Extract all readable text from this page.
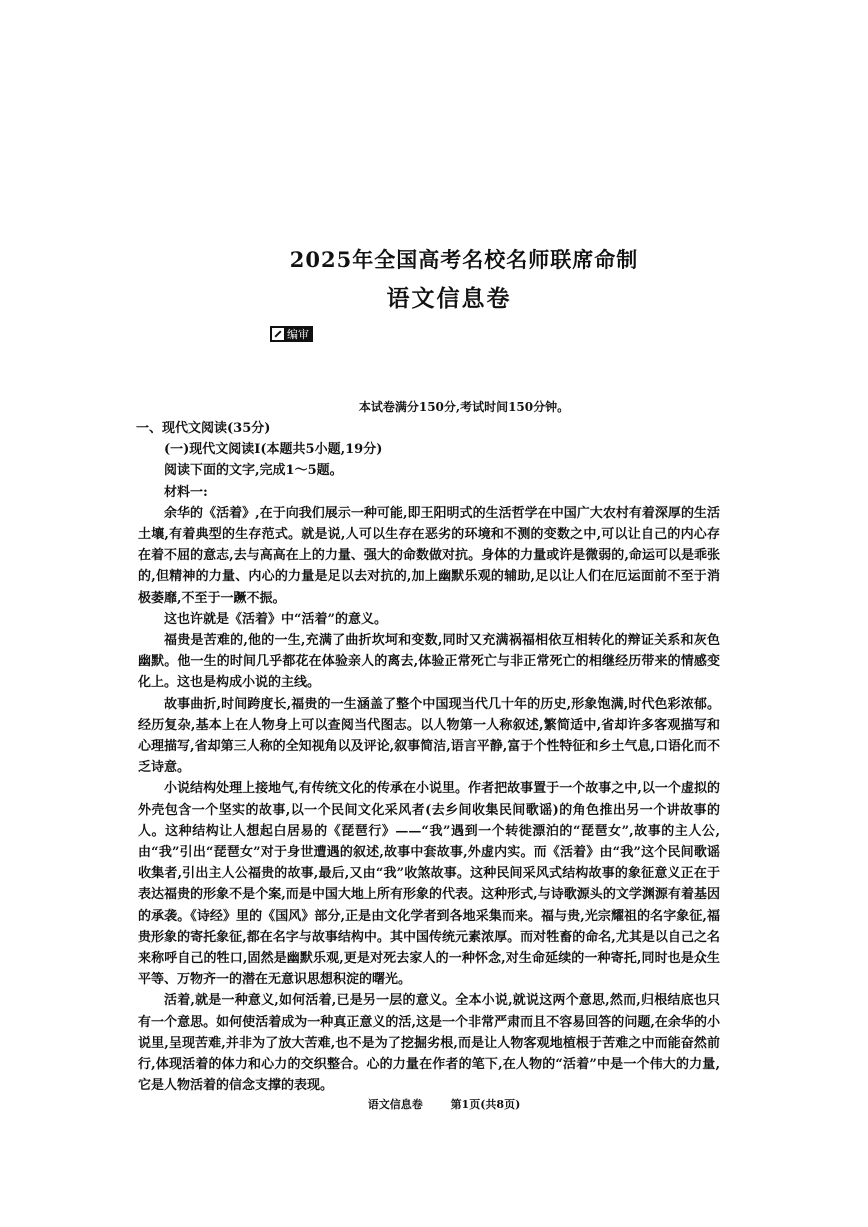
2025年全国高考名校名师联席命制
语文信息卷
编审
本试卷满分150分,考试时间150分钟。
一、现代文阅读(35分)
(一)现代文阅读Ⅰ(本题共5小题,19分)
阅读下面的文字,完成1～5题。
材料一:

余华的《活着》,在于向我们展示一种可能,即王阳明式的生活哲学在中国广大农村有着深厚的生活土壤,有着典型的生存范式。就是说,人可以生存在恶劣的环境和不测的变数之中,可以让自己的内心存在着不屈的意志,去与高高在上的力量、强大的命数做对抗。身体的力量或许是微弱的,命运可以是乖张的,但精神的力量、内心的力量是足以去对抗的,加上幽默乐观的辅助,足以让人们在厄运面前不至于消极萎靡,不至于一蹶不振。

这也许就是《活着》中“活着”的意义。

福贵是苦难的,他的一生,充满了曲折坎坷和变数,同时又充满祸福相依互相转化的辩证关系和灰色幽默。他一生的时间几乎都花在体验亲人的离去,体验正常死亡与非正常死亡的相继经历带来的情感变化上。这也是构成小说的主线。

故事曲折,时间跨度长,福贵的一生涵盖了整个中国现当代几十年的历史,形象饱满,时代色彩浓郁。经历复杂,基本上在人物身上可以查阅当代图志。以人物第一人称叙述,繁简适中,省却许多客观描写和心理描写,省却第三人称的全知视角以及评论,叙事简洁,语言平静,富于个性特征和乡土气息,口语化而不乏诗意。

小说结构处理上接地气,有传统文化的传承在小说里。作者把故事置于一个故事之中,以一个虚拟的外壳包含一个坚实的故事,以一个民间文化采风者(去乡间收集民间歌谣)的角色推出另一个讲故事的人。这种结构让人想起白居易的《琵琶行》——“我”遇到一个转徙漂泊的“琵琶女”,故事的主人公,由“我”引出“琵琶女”对于身世遭遇的叙述,故事中套故事,外虚内实。而《活着》由“我”这个民间歌谣收集者,引出主人公福贵的故事,最后,又由“我”收煞故事。这种民间采风式结构故事的象征意义正在于表达福贵的形象不是个案,而是中国大地上所有形象的代表。这种形式,与诗歌源头的文学渊源有着基因的承袭。《诗经》里的《国风》部分,正是由文化学者到各地采集而来。福与贵,光宗耀祖的名字象征,福贵形象的寄托象征,都在名字与故事结构中。其中国传统元素浓厚。而对牲畜的命名,尤其是以自己之名来称呼自己的牲口,固然是幽默乐观,更是对死去家人的一种怀念,对生命延续的一种寄托,同时也是众生平等、万物齐一的潜在无意识思想积淀的曙光。

活着,就是一种意义,如何活着,已是另一层的意义。全本小说,就说这两个意思,然而,归根结底也只有一个意思。如何使活着成为一种真正意义的活,这是一个非常严肃而且不容易回答的问题,在余华的小说里,呈现苦难,并非为了放大苦难,也不是为了挖掘劣根,而是让人物客观地植根于苦难之中而能奋然前行,体现活着的体力和心力的交织整合。心的力量在作者的笔下,在人物的“活着”中是一个伟大的力量,它是人物活着的信念支撑的表现。

语文信息卷	第1页(共8页)
